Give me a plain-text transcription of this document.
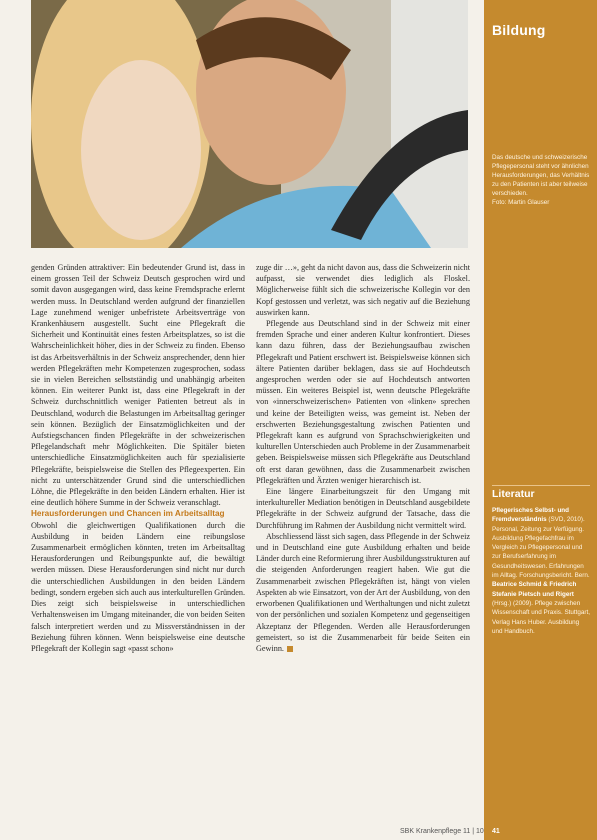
Bildung
Das deutsche und schweizerische Pflegepersonal steht vor ähnlichen Herausforderungen, das Verhältnis zu den Patienten ist aber teilweise verschieden.
Foto: Martin Glauser
Literatur
Pflegerisches Selbst- und Fremdverständnis (SVD, 2010). Personal, Zeitung zur Verfügung. Ausbildung Pflegefachfrau im Vergleich zu Pflegepersonal und zur Berufserfahrung im Gesundheitswesen. Erfahrungen im Alltag. Forschungsbericht. Bern. Beatrice Schmid & Friedrich Stefanie Pietsch und Rigert (Hrsg.) (2009). Pflege zwischen Wissenschaft und Praxis. Stuttgart, Verlag Hans Huber. Ausbildung und Handbuch.
41

genden Gründen attraktiver: Ein bedeutender Grund ist, dass in einem grossen Teil der Schweiz Deutsch gesprochen wird und somit davon ausgegangen wird, dass keine Fremdsprache erlernt werden muss. In Deutschland werden aufgrund der finanziellen Lage zunehmend weniger unbefristete Arbeitsverträge von Krankenhäusern ausgestellt. Sucht eine Pflegekraft die Sicherheit und Kontinuität eines festen Arbeitsplatzes, so ist die Wahrscheinlichkeit höher, dies in der Schweiz zu finden. Ebenso ist das Arbeitsverhältnis in der Schweiz ansprechender, denn hier werden Pflegekräften mehr Kompetenzen zugesprochen, sodass sie in vielen Bereichen selbstständig und unabhängig arbeiten können. Ein weiterer Punkt ist, dass eine Pflegekraft in der Schweiz durchschnittlich weniger Patienten betreut als in Deutschland, wodurch die Belastungen im Arbeitsalltag geringer sein können. Bezüglich der Einsatzmöglichkeiten und der Aufstiegschancen finden Pflegekräfte in der schweizerischen Pflegelandschaft mehr Möglichkeiten. Die Spitäler bieten unterschiedliche Einsatzmöglichkeiten auch für spezialisierte Pflegekräfte, beispielsweise die Stellen des Pflegeexperten. Ein nicht zu unterschätzender Grund sind die unterschiedlichen Löhne, die Pflegekräfte in den beiden Ländern erhalten. Hier ist eine deutlich höhere Summe in der Schweiz veranschlagt.

Herausforderungen und Chancen im Arbeitsalltag

Obwohl die gleichwertigen Qualifikationen durch die Ausbildung in beiden Ländern eine reibungslose Zusammenarbeit ermöglichen könnten, treten im Arbeitsalltag Herausforderungen und Reibungspunkte auf, die bewältigt werden müssen. Diese Herausforderungen sind nicht nur durch die unterschiedlichen Ausbildungen in den beiden Ländern bedingt, sondern ergeben sich auch aus interkulturellen Gründen. Dies zeigt sich beispielsweise in unterschiedlichen Verhaltensweisen im Umgang miteinander, die von beiden Seiten falsch interpretiert werden und zu Missverständnissen in der Beziehung führen können. Wenn beispielsweise eine deutsche Pflegekraft der Kollegin sagt «passt schon»

zuge dir …», geht da nicht davon aus, dass die Schweizerin nicht aufpasst, sie verwendet dies lediglich als Floskel. Möglicherweise fühlt sich die schweizerische Kollegin vor den Kopf gestossen und verletzt, was sich negativ auf die Beziehung auswirken kann.

Pflegende aus Deutschland sind in der Schweiz mit einer fremden Sprache und einer anderen Kultur konfrontiert. Dieses kann dazu führen, dass der Beziehungsaufbau zwischen Pflegekraft und Patient erschwert ist. Beispielsweise können sich ältere Patienten darüber beklagen, dass sie auf Hochdeutsch angesprochen werden oder sie auf Hochdeutsch antworten müssen. Ein weiteres Beispiel ist, wenn deutsche Pflegekräfte von «innerschweizerischen» Patienten von «linken» sprechen und keine der Beteiligten weiss, was gemeint ist. Neben der erschwerten Beziehungsgestaltung zwischen Patienten und Pflegekraft kann es aufgrund von Sprachschwierigkeiten und kulturellen Unterschieden auch Probleme in der Zusammenarbeit geben. Beispielsweise müssen sich Pflegekräfte aus Deutschland oft erst daran gewöhnen, dass die Zusammenarbeit zwischen Pflegekräften und Ärzten weniger hierarchisch ist.

Eine längere Einarbeitungszeit für den Umgang mit interkultureller Mediation benötigen in Deutschland ausgebildete Pflegekräfte in der Schweiz aufgrund der Tatsache, dass die Durchführung im Rahmen der Ausbildung nicht vermittelt wird.

Abschliessend lässt sich sagen, dass Pflegende in der Schweiz und in Deutschland eine gute Ausbildung erhalten und beide Länder durch eine Reformierung ihrer Ausbildungsstrukturen auf die steigenden Anforderungen reagiert haben. Wie gut die Zusammenarbeit zwischen Pflegekräften ist, hängt von vielen Aspekten ab wie Einsatzort, von der Art der Ausbildung, von den erworbenen Qualifikationen und Werthaltungen und nicht zuletzt von der persönlichen und sozialen Kompetenz und gegenseitigen Akzeptanz der Pflegenden. Werden alle Herausforderungen gemeistert, so ist die Zusammenarbeit für beide Seiten ein Gewinn.

SBK Krankenpflege 11 | 10
